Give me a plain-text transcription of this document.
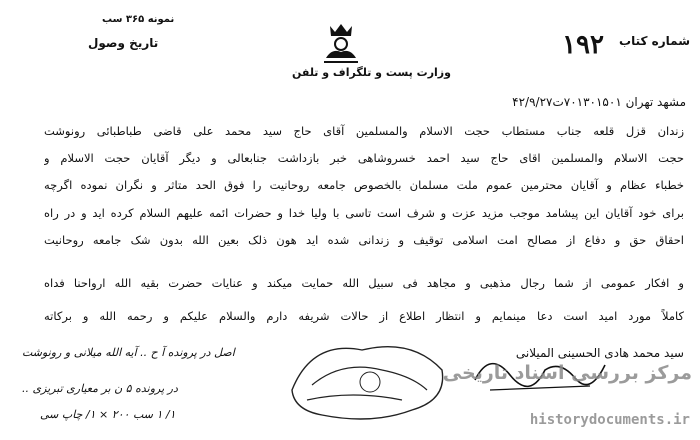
نمونه ۳۶۵ سب
تاریخ وصول	شماره کتاب
۱۹۲
وزارت پست و تلگراف و تلفن
مشهد تهران ۷۰۱۳۰۱۵۰۱ت۴۲/۹/۲۷
زندان قزل قلعه جناب مستطاب حجت الاسلام والمسلمین آقای حاج سید محمد علی قاضی طباطبائی رونوشت
حجت الاسلام والمسلمین اقای حاج سید احمد خسروشاهی خبر بازداشت جنابعالی و دیگر آقایان حجت الاسلام و
خطباء عظام و آقایان محترمین عموم ملت مسلمان بالخصوص جامعه روحانیت را فوق الحد متاثر و نگران نموده اگرچه
برای خود آقایان این پیشامد موجب مزید عزت و شرف است تاسی با ولیا خدا و حضرات ائمه علیهم السلام کرده اید و در راه
احقاق حق و دفاع از مصالح امت اسلامی توقیف و زندانی شده اید هون ذلک بعین الله بدون شک جامعه روحانیت
و افکار عمومی از شما رجال مذهبی و مجاهد فی سبیل الله حمایت میکند و عنایات حضرت بقیه الله ارواحنا فداه
کاملاً مورد امید است دعا مینمایم و انتظار اطلاع از حالات شریفه دارم والسلام علیکم و رحمه الله و برکاته
سید محمد هادی الحسینی المیلانی
اصل در پرونده آ ح .. آیه الله میلانی و رونوشت
در پرونده ۵ ن بر معیاری تبریزی ..
۱/ ۱ سب ۲۰۰ × ۱/ چاپ سی
مرکز بررسی اسناد تاریخی
historydocuments.ir
